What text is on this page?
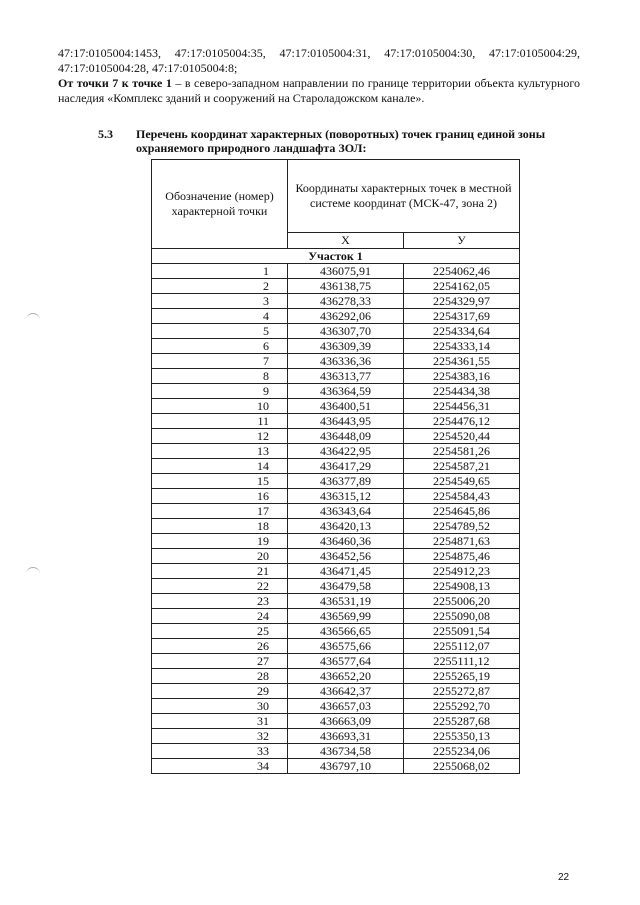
47:17:0105004:1453, 47:17:0105004:35, 47:17:0105004:31, 47:17:0105004:30, 47:17:0105004:29, 47:17:0105004:28, 47:17:0105004:8;

От точки 7 к точке 1 – в северо-западном направлении по границе территории объекта культурного наследия «Комплекс зданий и сооружений на Староладожском канале».

5.3 Перечень координат характерных (поворотных) точек границ единой зоны охраняемого природного ландшафта ЗОЛ:
Обозначение (номер) характерной точки	Координаты характерных точек в местной системе координат (МСК-47, зона 2)	
	X	У
Участок 1		
1	436075,91	2254062,46
2	436138,75	2254162,05
3	436278,33	2254329,97
4	436292,06	2254317,69
5	436307,70	2254334,64
6	436309,39	2254333,14
7	436336,36	2254361,55
8	436313,77	2254383,16
9	436364,59	2254434,38
10	436400,51	2254456,31
11	436443,95	2254476,12
12	436448,09	2254520,44
13	436422,95	2254581,26
14	436417,29	2254587,21
15	436377,89	2254549,65
16	436315,12	2254584,43
17	436343,64	2254645,86
18	436420,13	2254789,52
19	436460,36	2254871,63
20	436452,56	2254875,46
21	436471,45	2254912,23
22	436479,58	2254908,13
23	436531,19	2255006,20
24	436569,99	2255090,08
25	436566,65	2255091,54
26	436575,66	2255112,07
27	436577,64	2255111,12
28	436652,20	2255265,19
29	436642,37	2255272,87
30	436657,03	2255292,70
31	436663,09	2255287,68
32	436693,31	2255350,13
33	436734,58	2255234,06
34	436797,10	2255068,02
22
